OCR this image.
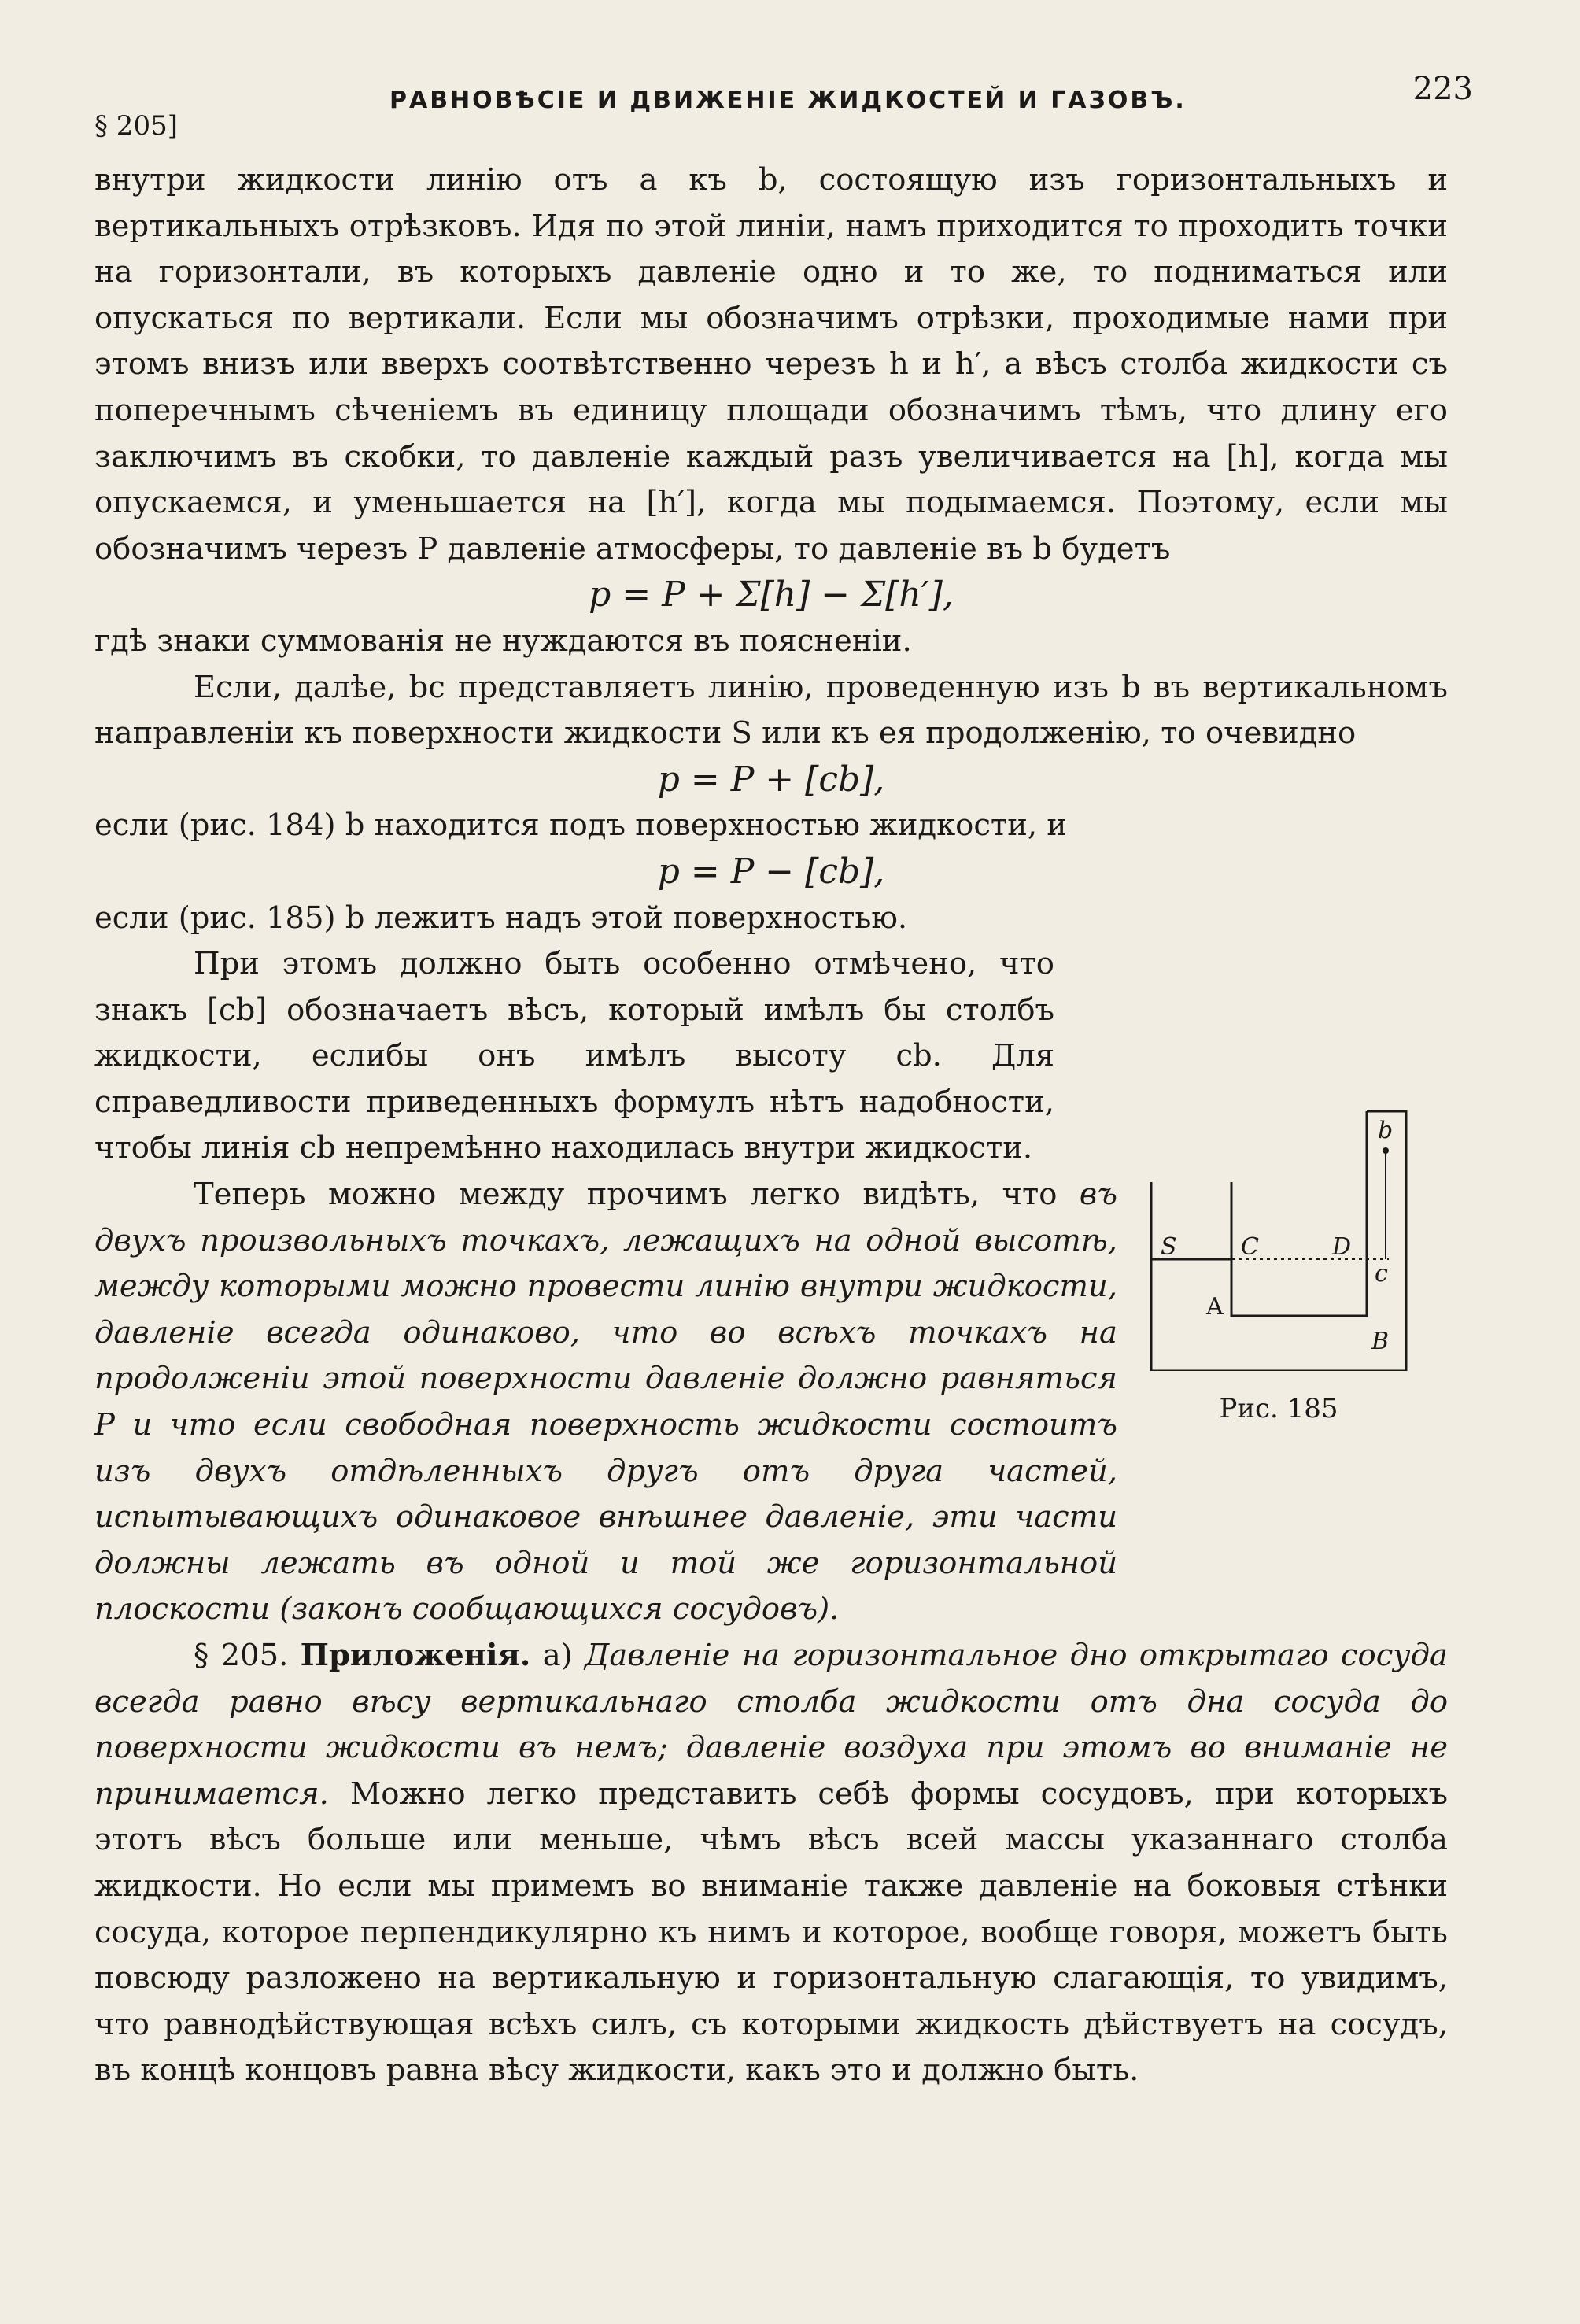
§ 205]
РАВНОВѢСІЕ И ДВИЖЕНІЕ ЖИДКОСТЕЙ И ГАЗОВЪ.	223

внутри жидкости линію отъ a къ b, состоящую изъ горизонтальныхъ и вертикальныхъ отрѣзковъ. Идя по этой линіи, намъ приходится то проходить точки на горизонтали, въ которыхъ давленіе одно и то же, то подниматься или опускаться по вертикали. Если мы обозначимъ отрѣзки, проходимые нами при этомъ внизъ или вверхъ соотвѣтственно черезъ h и h′, а вѣсъ столба жидкости съ поперечнымъ сѣченіемъ въ единицу площади обозначимъ тѣмъ, что длину его заключимъ въ скобки, то давленіе каждый разъ увеличивается на [h], когда мы опускаемся, и уменьшается на [h′], когда мы подымаемся. Поэтому, если мы обозначимъ черезъ P давленіе атмосферы, то давленіе въ b будетъ

p = P + Σ[h] − Σ[h′],

гдѣ знаки суммованія не нуждаются въ поясненіи.

Если, далѣе, bc представляетъ линію, проведенную изъ b въ вертикальномъ направленіи къ поверхности жидкости S или къ ея продолженію, то очевидно

p = P + [cb],

если (рис. 184) b находится подъ поверхностью жидкости, и

p = P − [cb],

если (рис. 185) b лежитъ надъ этой поверхностью.

При этомъ должно быть особенно отмѣчено, что знакъ [cb] обозначаетъ вѣсъ, который имѣлъ бы столбъ жидкости, еслибы онъ имѣлъ высоту cb. Для справедливости приведенныхъ формулъ нѣтъ надобности, чтобы линія cb непремѣнно находилась внутри жидкости.

Теперь можно между прочимъ легко видѣть, что въ двухъ произвольныхъ точкахъ, лежащихъ на одной высотѣ, между которыми можно провести линію внутри жидкости, давленіе всегда одинаково, что во всѣхъ точкахъ на продолженіи этой поверхности давленіе должно равняться P и что если свободная поверхность жидкости состоитъ изъ двухъ отдѣленныхъ другъ отъ друга частей, испытывающихъ одинаковое внѣшнее давленіе, эти части должны лежать въ одной и той же горизонтальной плоскости (законъ сообщающихся сосудовъ).

§ 205. Приложенія. a) Давленіе на горизонтальное дно открытаго сосуда всегда равно вѣсу вертикальнаго столба жидкости отъ дна сосуда до поверхности жидкости въ немъ; давленіе воздуха при этомъ во вниманіе не принимается. Можно легко представить себѣ формы сосудовъ, при которыхъ этотъ вѣсъ больше или меньше, чѣмъ вѣсъ всей массы указаннаго столба жидкости. Но если мы примемъ во вниманіе также давленіе на боковыя стѣнки сосуда, которое перпендикулярно къ нимъ и которое, вообще говоря, можетъ быть повсюду разложено на вертикальную и горизонтальную слагающія, то увидимъ, что равнодѣйствующая всѣхъ силъ, съ которыми жидкость дѣйствуетъ на сосудъ, въ концѣ концовъ равна вѣсу жидкости, какъ это и должно быть.

S	C	D
A
B
b
c
Рис. 185
